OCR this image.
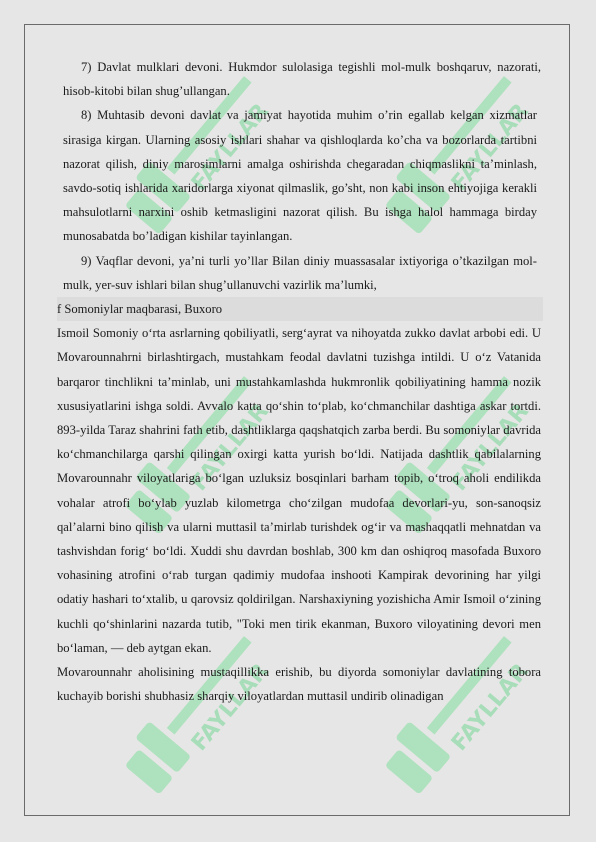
FAYLLAR	FAYLLAR
FAYLLAR	FAYLLAR
FAYLLAR	FAYLLAR

7) Davlat mulklari devoni. Hukmdor sulolasiga tegishli mol-mulk boshqaruv, nazorati, hisob-kitobi bilan shug’ullangan.

8) Muhtasib devoni davlat va jamiyat hayotida muhim o’rin egallab kelgan xizmatlar sirasiga kirgan. Ularning asosiy ishlari shahar va qishloqlarda ko’cha va bozorlarda tartibni nazorat qilish, diniy marosimlarni amalga oshirishda chegaradan chiqmaslikni ta’minlash, savdo-sotiq ishlarida xaridorlarga xiyonat qilmaslik, go’sht, non kabi inson ehtiyojiga kerakli mahsulotlarni narxini oshib ketmasligini nazorat qilish. Bu ishga halol hammaga birday munosabatda bo’ladigan kishilar tayinlangan.

9) Vaqflar devoni, ya’ni turli yo’llar Bilan diniy muassasalar ixtiyoriga o’tkazilgan mol-mulk, yer-suv ishlari bilan shug’ullanuvchi vazirlik ma’lumki,

f Somoniylar maqbarasi, Buxoro

Ismoil Somoniy o‘rta asrlarning qobiliyatli, serg‘ayrat va nihoyatda zukko davlat arbobi edi. U Movarounnahrni birlashtirgach, mustahkam feodal davlatni tuzishga intildi. U o‘z Vatanida barqaror tinchlikni ta’minlab, uni mustahkamlashda hukmronlik qobiliyatining hamma nozik xususiyatlarini ishga soldi. Avvalo katta qo‘shin to‘plab, ko‘chmanchilar dashtiga askar tortdi. 893-yilda Taraz shahrini fath etib, dashtliklarga qaqshatqich zarba berdi. Bu somoniylar davrida ko‘chmanchilarga qarshi qilingan oxirgi katta yurish bo‘ldi. Natijada dashtlik qabilalarning Movarounnahr viloyatlariga bo‘lgan uzluksiz bosqinlari barham topib, o‘troq aholi endilikda vohalar atrofi bo‘ylab yuzlab kilometrga cho‘zilgan mudofaa devorlari-yu, son-sanoqsiz qal’alarni bino qilish va ularni muttasil ta’mirlab turishdek og‘ir va mashaqqatli mehnatdan va tashvishdan forig‘ bo‘ldi. Xuddi shu davrdan boshlab, 300 km dan oshiqroq masofada Buxoro vohasining atrofini o‘rab turgan qadimiy mudofaa inshooti Kampirak devorining har yilgi odatiy hashari to‘xtalib, u qarovsiz qoldirilgan. Narshaxiyning yozishicha Amir Ismoil o‘zining kuchli qo‘shinlarini nazarda tutib, "Toki men tirik ekanman, Buxoro viloyatining devori men bo‘laman, — deb aytgan ekan.

Movarounnahr aholisining mustaqillikka erishib, bu diyorda somoniylar davlatining tobora kuchayib borishi shubhasiz sharqiy viloyatlardan muttasil undirib olinadigan
